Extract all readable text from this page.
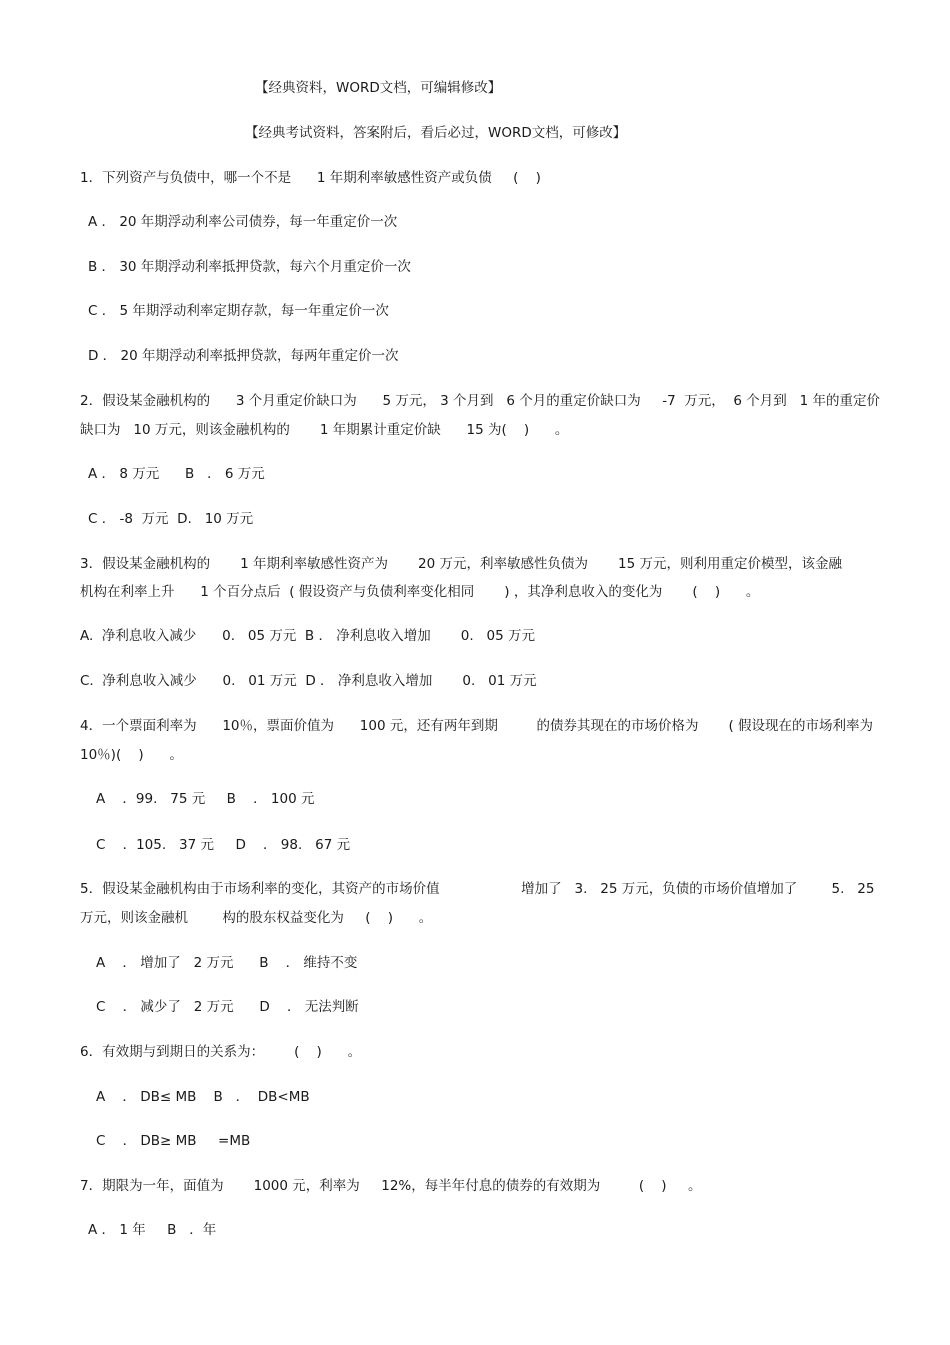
【经典资料，WORD文档，可编辑修改】
【经典考试资料，答案附后，看后必过，WORD文档，可修改】
1．下列资产与负债中，哪一个不是      1 年期利率敏感性资产或负债     (    )
A ． 20 年期浮动利率公司债券，每一年重定价一次
B ． 30 年期浮动利率抵押贷款，每六个月重定价一次
C ． 5 年期浮动利率定期存款，每一年重定价一次
D ． 20 年期浮动利率抵押贷款，每两年重定价一次
2．假设某金融机构的      3 个月重定价缺口为      5 万元， 3 个月到   6 个月的重定价缺口为     -7  万元，  6 个月到   1 年的重定价
缺口为   10 万元，则该金融机构的       1 年期累计重定价缺      15 为(    )      。
A ． 8 万元      B   ． 6 万元
C ． -8  万元  D.   10 万元
3．假设某金融机构的       1 年期利率敏感性资产为       20 万元，利率敏感性负债为       15 万元，则利用重定价模型，该金融
机构在利率上升      1 个百分点后  ( 假设资产与负债利率变化相同       ) ，其净利息收入的变化为       (    )      。
A.  净利息收入减少      0.   05 万元  B ． 净利息收入增加       0.   05 万元
C.  净利息收入减少      0.   01 万元  D ． 净利息收入增加       0.   01 万元
4．一个票面利率为      10％，票面价值为      100 元，还有两年到期         的债券其现在的市场价格为       ( 假设现在的市场利率为
10％)(    )      。
A    ．99.   75 元     B    ． 100 元
C    ．105.   37 元     D    ． 98.   67 元
5．假设某金融机构由于市场利率的变化，其资产的市场价值                   增加了   3.   25 万元，负债的市场价值增加了        5.   25
万元，则该金融机        构的股东权益变化为     (    )      。
A    ． 增加了   2 万元      B    ． 维持不变
C    ． 减少了   2 万元      D    ． 无法判断
6．有效期与到期日的关系为：       (    )      。
A    ． DB≤ MB    B   ．  DB<MB
C    ． DB≥ MB     =MB
7．期限为一年，面值为       1000 元，利率为     12%，每半年付息的债券的有效期为         (    )     。
A ． 1 年     B   ．年
